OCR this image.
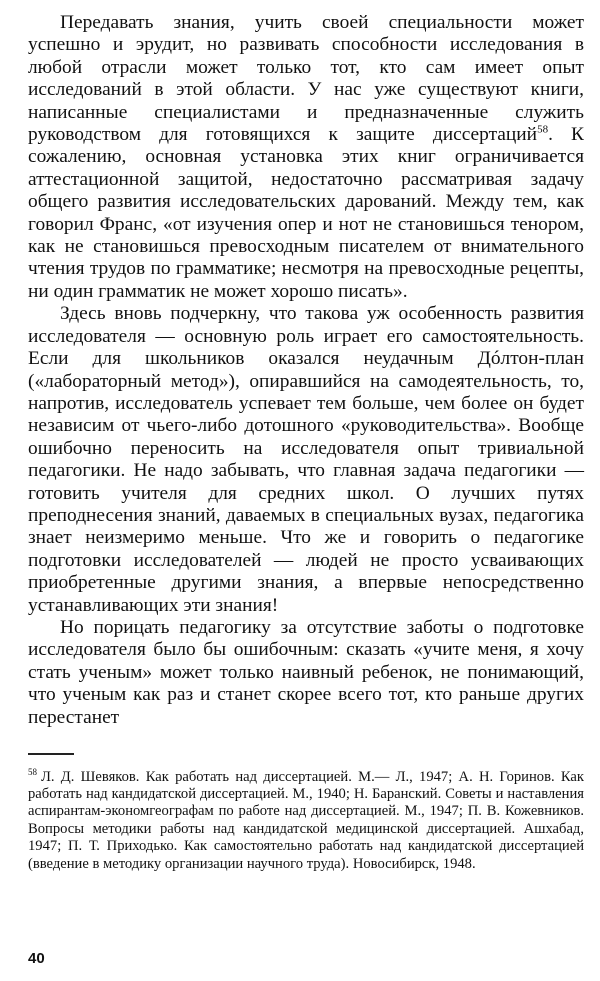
Передавать знания, учить своей специальности может успешно и эрудит, но развивать способности исследования в любой отрасли может только тот, кто сам имеет опыт исследований в этой области. У нас уже существуют книги, написанные специалистами и предназначенные служить руководством для готовящихся к защите диссертаций$^{58}$. К сожалению, основная установка этих книг ограничивается аттестационной защитой, недостаточно рассматривая задачу общего развития исследовательских дарований. Между тем, как говорил Франс, «от изучения опер и нот не становишься тенором, как не становишься превосходным писателем от внимательного чтения трудов по грамматике; несмотря на превосходные рецепты, ни один грамматик не может хорошо писать».

Здесь вновь подчеркну, что такова уж особенность развития исследователя — основную роль играет его самостоятельность. Если для школьников оказался неудачным Дóлтон-план («лабораторный метод»), опиравшийся на самодеятельность, то, напротив, исследователь успевает тем больше, чем более он будет независим от чьего-либо дотошного «руководительства». Вообще ошибочно переносить на исследователя опыт тривиальной педагогики. Не надо забывать, что главная задача педагогики — готовить учителя для средних школ. О лучших путях преподнесения знаний, даваемых в специальных вузах, педагогика знает неизмеримо меньше. Что же и говорить о педагогике подготовки исследователей — людей не просто усваивающих приобретенные другими знания, а впервые непосредственно устанавливающих эти знания!

Но порицать педагогику за отсутствие заботы о подготовке исследователя было бы ошибочным: сказать «учите меня, я хочу стать ученым» может только наивный ребенок, не понимающий, что ученым как раз и станет скорее всего тот, кто раньше других перестанет

$^{58}$ Л. Д. Шевяков. Как работать над диссертацией. М.— Л., 1947; А. Н. Горинов. Как работать над кандидатской диссертацией. М., 1940; Н. Баранский. Советы и наставления аспирантам-экономгеографам по работе над диссертацией. М., 1947; П. В. Кожевников. Вопросы методики работы над кандидатской медицинской диссертацией. Ашхабад, 1947; П. Т. Приходько. Как самостоятельно работать над кандидатской диссертацией (введение в методику организации научного труда). Новосибирск, 1948.

40
